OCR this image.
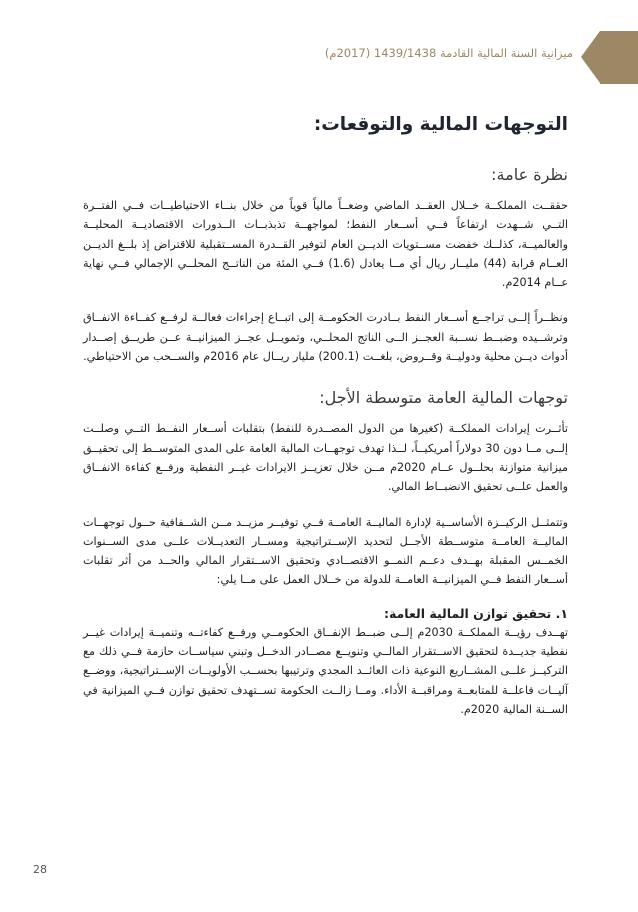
ميزانية السنة المالية القادمة 1439/1438 (2017م)
التوجهات المالية والتوقعات:
نظرة عامة:

حققــت المملكــة خــلال العقــد الماضي وضعــاً مالياً قوياً من خلال بنــاء الاحتياطيــات فــي الفتــرة التــي شــهدت ارتفاعاً فــي أســعار النفط؛ لمواجهــة تذبذبــات الــدورات الاقتصاديــة المحليــة والعالميــة، كذلــك خفضت مســتويات الديــن العام لتوفير القــدرة المســتقبلية للاقتراض إذ بلــغ الديــن العــام قرابة (44) مليــار ريال أي مــا يعادل (1.6) فــي المئة من الناتــج المحلــي الإجمالي فــي نهاية عــام 2014م.

ونظــراً إلــى تراجــع أســعار النفط بــادرت الحكومــة إلى اتبــاع إجراءات فعالــة لرفــع كفــاءة الانفــاق وترشــيده وضبــط نســبة العجــز الــى الناتج المحلــي، وتمويــل عجــز الميزانيــة عــن طريــق إصــدار أدوات ديــن محلية ودوليــة وقــروض، بلغــت (200.1) مليار ريــال عام 2016م والســحب من الاحتياطي.

توجهات المالية العامة متوسطة الأجل:

تأثــرت إيرادات المملكــة (كغيرها من الدول المصــدرة للنفط) بتقلبات أســعار النفــط التــي وصلــت إلــى مــا دون 30 دولاراً أمريكيــاً، لــذا تهدف توجهــات المالية العامة على المدى المتوســط إلى تحقيــق ميزانية متوازنة بحلــول عــام 2020م مــن خلال تعزيــز الايرادات غيــر النفطية ورفــع كفاءة الانفــاق والعمل علــى تحقيق الانضبــاط المالي.

وتتمثــل الركيــزة الأساســية لإدارة الماليــة العامــة فــي توفيــر مزيــد مــن الشــفافية حــول توجهــات الماليــة العامــة متوســطة الأجــل لتحديد الإســتراتيجية ومســار التعديــلات علــى مدى الســنوات الخمــس المقبلة بهــدف دعــم النمــو الاقتصــادي وتحقيق الاســتقرار المالي والحــد من أثر تقلبات أســعار النفط فــي الميزانيــة العامــة للدولة من خــلال العمل على مــا يلي:

١. تحقيق توازن المالية العامة:

تهــدف رؤيــة المملكــة 2030م إلــى ضبــط الإنفــاق الحكومــي ورفــع كفاءتــه وتنميــة إيرادات غيــر نفطية جديــدة لتحقيق الاســتقرار المالــي وتنويــع مصــادر الدخــل وتبني سياســات حازمة فــي ذلك مع التركيــز علــى المشــاريع النوعية ذات العائــد المجدي وترتيبها بحســب الأولويــات الإســتراتيجية، ووضــع آليــات فاعلــة للمتابعــة ومراقبــة الأداء. ومــا زالــت الحكومة تســتهدف تحقيق توازن فــي الميزانية في الســنة المالية 2020م.

28
